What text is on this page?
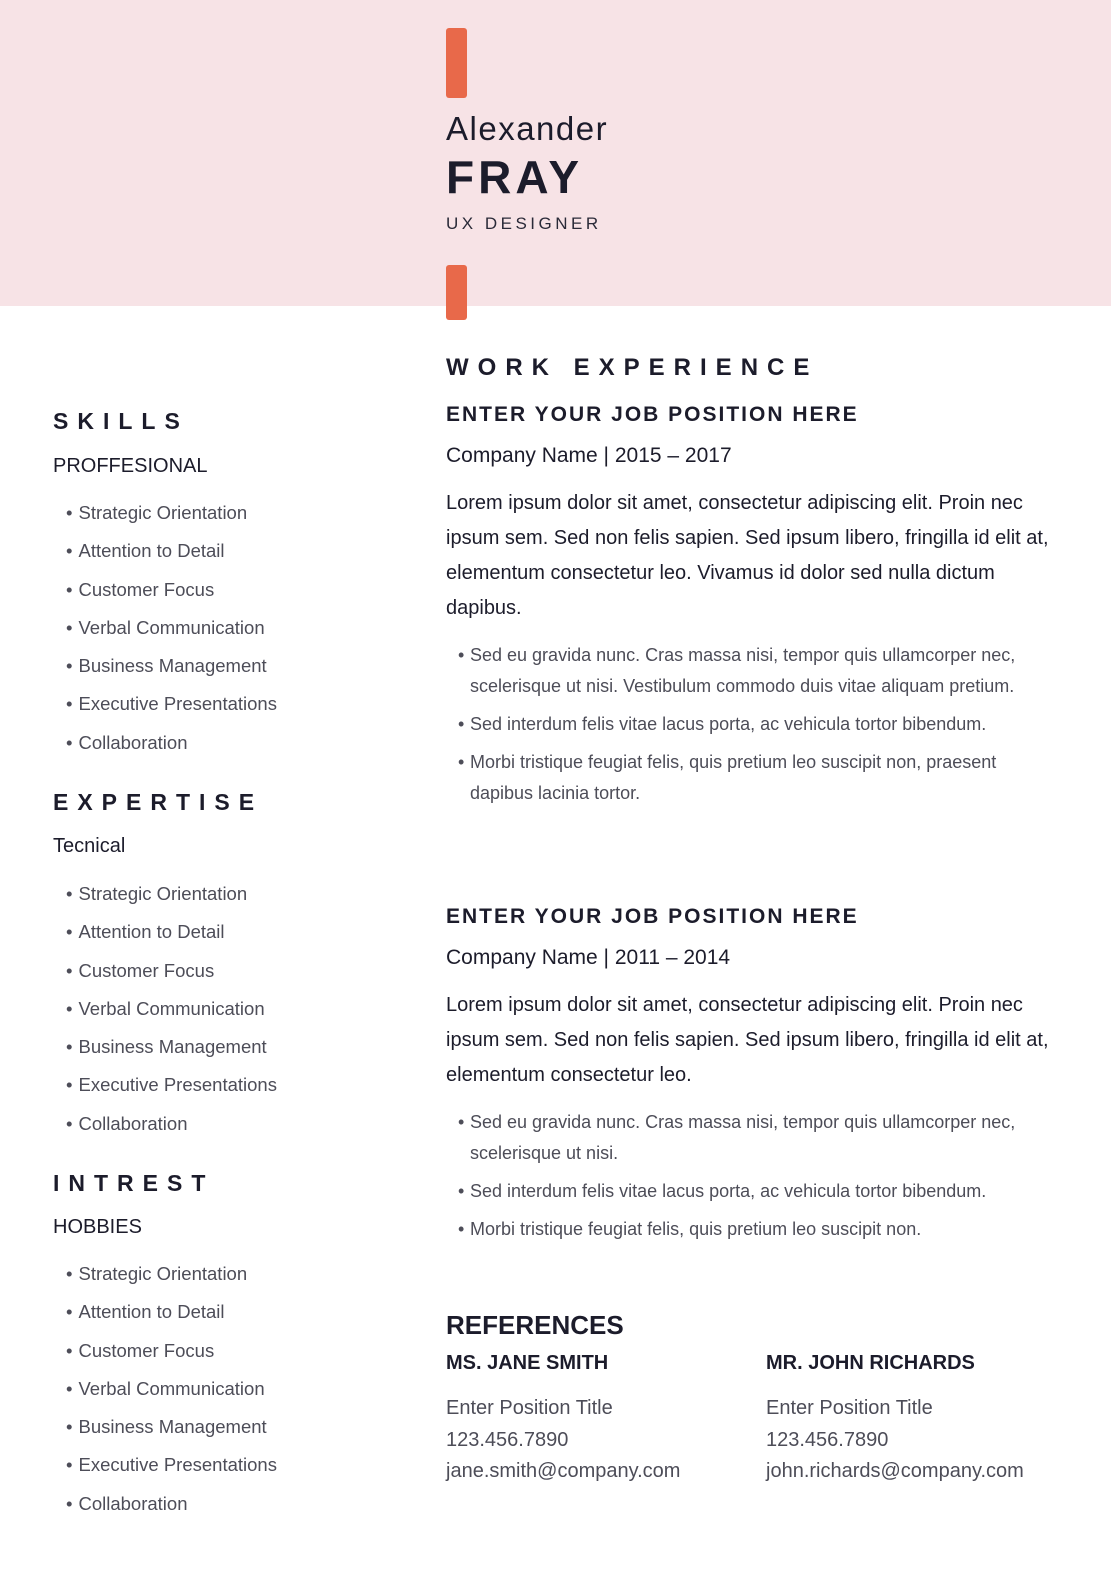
Alexander
FRAY
UX DESIGNER
SKILLS
PROFFESIONAL
• Strategic Orientation
• Attention to Detail
• Customer Focus
• Verbal Communication
• Business Management
• Executive Presentations
• Collaboration
EXPERTISE
Tecnical
• Strategic Orientation
• Attention to Detail
• Customer Focus
• Verbal Communication
• Business Management
• Executive Presentations
• Collaboration
INTREST
HOBBIES
• Strategic Orientation
• Attention to Detail
• Customer Focus
• Verbal Communication
• Business Management
• Executive Presentations
• Collaboration
WORK EXPERIENCE
ENTER YOUR JOB POSITION HERE
Company Name | 2015 – 2017

Lorem ipsum dolor sit amet, consectetur adipiscing elit. Proin nec ipsum sem. Sed non felis sapien. Sed ipsum libero, fringilla id elit at, elementum consectetur leo. Vivamus id dolor sed nulla dictum dapibus.

• Sed eu gravida nunc. Cras massa nisi, tempor quis ullamcorper nec, scelerisque ut nisi. Vestibulum commodo duis vitae aliquam pretium.
• Sed interdum felis vitae lacus porta, ac vehicula tortor bibendum.
• Morbi tristique feugiat felis, quis pretium leo suscipit non, praesent dapibus lacinia tortor.
ENTER YOUR JOB POSITION HERE
Company Name | 2011 – 2014

Lorem ipsum dolor sit amet, consectetur adipiscing elit. Proin nec ipsum sem. Sed non felis sapien. Sed ipsum libero, fringilla id elit at, elementum consectetur leo.

• Sed eu gravida nunc. Cras massa nisi, tempor quis ullamcorper nec, scelerisque ut nisi.
• Sed interdum felis vitae lacus porta, ac vehicula tortor bibendum.
• Morbi tristique feugiat felis, quis pretium leo suscipit non.
REFERENCES
MS. JANE SMITH
Enter Position Title
123.456.7890
jane.smith@company.com
MR. JOHN RICHARDS
Enter Position Title
123.456.7890
john.richards@company.com
